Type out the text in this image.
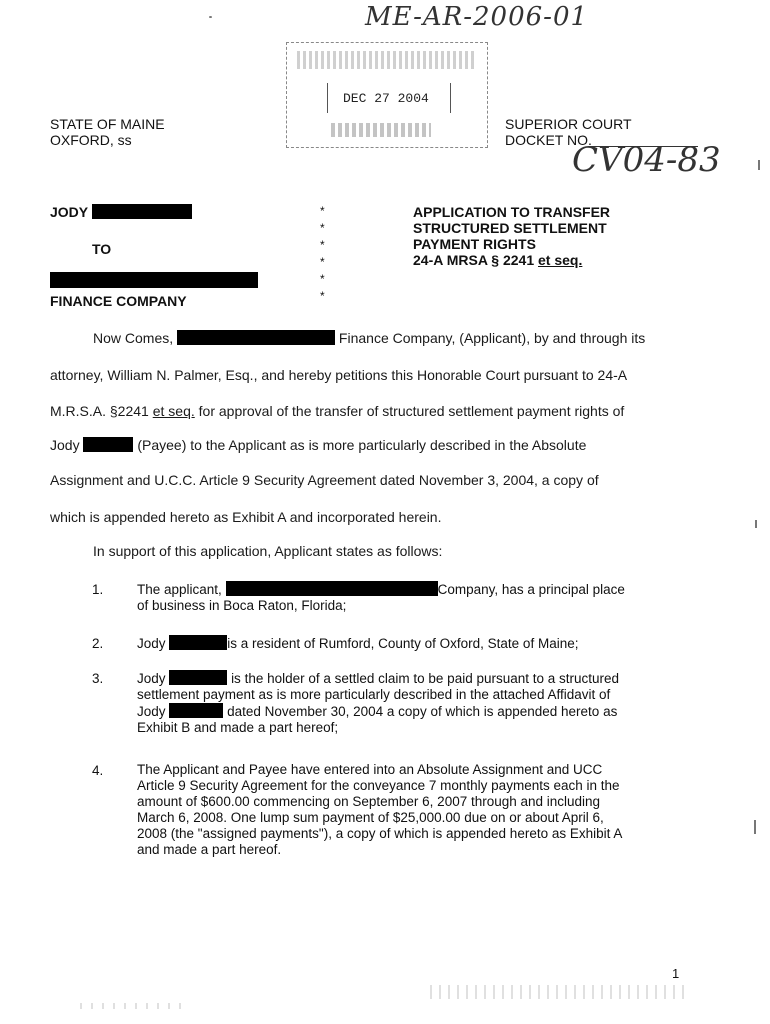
ME-AR-2006-01
DEC 27 2004
STATE OF MAINE
OXFORD, ss
SUPERIOR COURT
DOCKET NO.
CV04-83
JODY
TO
FINANCE COMPANY
*
*
*
*
*
*
APPLICATION TO TRANSFER
STRUCTURED SETTLEMENT
PAYMENT RIGHTS
24-A MRSA § 2241 et seq.
Now Comes,	Finance Company, (Applicant), by and through its
attorney, William N. Palmer, Esq., and hereby petitions this Honorable Court pursuant to 24-A
M.R.S.A. §2241 et seq. for approval of the transfer of structured settlement payment rights of
Jody	(Payee) to the Applicant as is more particularly described in the Absolute
Assignment and U.C.C. Article 9 Security Agreement dated November 3, 2004, a copy of
which is appended hereto as Exhibit A and incorporated herein.
In support of this application, Applicant states as follows:
1. The applicant,	Company, has a principal place
of business in Boca Raton, Florida;
2. Jody	is a resident of Rumford, County of Oxford, State of Maine;
3. Jody	is the holder of a settled claim to be paid pursuant to a structured
settlement payment as is more particularly described in the attached Affidavit of
Jody	dated November 30, 2004 a copy of which is appended hereto as
Exhibit B and made a part hereof;
4. The Applicant and Payee have entered into an Absolute Assignment and UCC
Article 9 Security Agreement for the conveyance 7 monthly payments each in the
amount of $600.00 commencing on September 6, 2007 through and including
March 6, 2008. One lump sum payment of $25,000.00 due on or about April 6,
2008 (the "assigned payments"), a copy of which is appended hereto as Exhibit A
and made a part hereof.
1
